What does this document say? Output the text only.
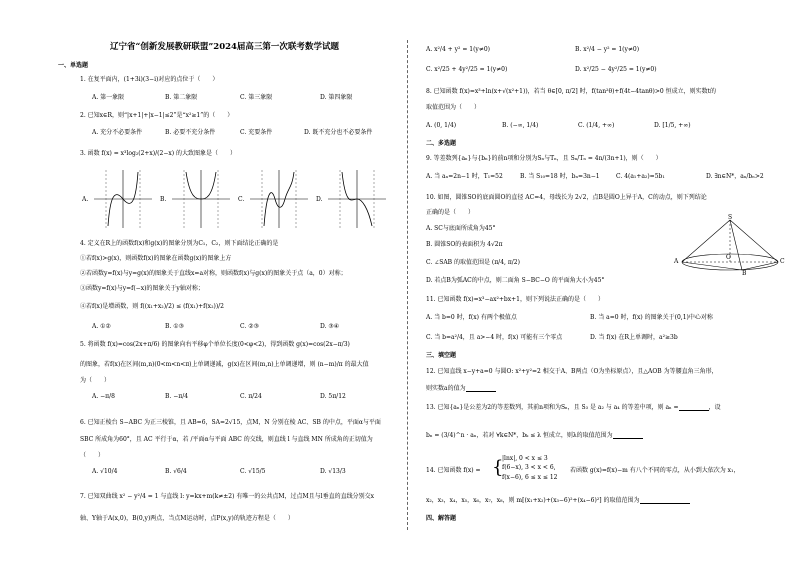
辽宁省“创新发展教研联盟”2024届高三第一次联考数学试题
一、单选题
1. 在复平面内，(1+3i)(3−i)对应的点位于（　　）
A. 第一象限	B. 第二象限	C. 第三象限	D. 第四象限
2. 已知x∈R，则“|x+1|+|x−1|≤2”是“x²≥1”的（　　）
A. 充分不必要条件	B. 必要不充分条件	C. 充要条件	D. 既不充分也不必要条件
3. 函数 f(x) = x³log₂(2+x)/(2−x) 的大致图象是（　　）
A.	B.	C.	D.
4. 定义在R上的函数f(x)和g(x)的图象分别为C₁，C₂，则下面结论正确的是
①若f(x)>g(x)，则函数f(x)的图象在函数g(x)的图象上方
②若函数y=f(x)与y=g(x)的图象关于直线x=a对称，则函数f(x)与g(x)的图象关于点（a，0）对称；
③函数y=f(x)与y=f(−x)的图象关于y轴对称；
④若f(x)是增函数，则 f((x₁+x₂)/2) ≤ (f(x₁)+f(x₂))/2
A. ①②	B. ①③	C. ②③	D. ③④
5. 将函数 f(x)=cos(2x+π/6) 的图象向右平移φ个单位长度(0<φ<2)，得到函数 g(x)=cos(2x−π/3)
的图象，若f(x)在区间(m,n)(0<m<n<π)上单调递减，g(x)在区间(m,n)上单调递增，则 (n−m)/π 的最大值
为（　　）
A. −π/8	B. −π/4	C. π/24	D. 5π/12
6. 已知正棱台 S−ABC 为正三棱锥，且 AB=6，SA=2√15，点M，N 分别在棱 AC、SB 的中点，平面α与平面
SBC 所成角为60°，且 AC 平行于α，若 /平面α与平面 ABC 的交线，则直线 l 与直线 MN 所成角的正切值为
（　　）
A. √10/4	B. √6/4	C. √15/5	D. √13/3
7. 已知双曲线 x² − y²/4 = 1 与直线 l: y=kx+m(k≠±2) 有唯一的公共点M，过点M且与l垂直的直线分别交x
轴、Y轴于A(x,0)，B(0,y)两点，当点M运动时，点P(x,y)的轨迹方程是（　　）
A. x²/4 + y² = 1(y≠0)	B. x²/4 − y² = 1(y≠0)
C. x²/25 + 4y²/25 = 1(y≠0)	D. x²/25 − 4y²/25 = 1(y≠0)
8. 已知函数 f(x)=x³+ln(x+√(x²+1))，若当 θ∈[0, π/2] 时，f(tan²θ)+f(4t−4tanθ)>0 恒成立，则实数t的
取值范围为（　　）
A. (0, 1/4)	B. (−∞, 1/4)	C. (1/4, +∞)	D. [1/5, +∞)
二、多选题
9. 等差数列{aₙ}与{bₙ}的前n项和分别为Sₙ与Tₙ，且 Sₙ/Tₙ = 4n/(3n+1)，则（　　）
A. 当 aₙ=2n−1 时，T₁=52	B. 当 S₁₀=18 时，bₙ=3n−1	C. 4(a₁+a₂)=5b₁	D. ∃n∈N*，aₙ/bₙ>2
10. 如图，圆锥SO的底面圆O的直径 AC=4，母线长为 2√2，点B是圆O上异于A，C的动点，则下列结论
正确的是（　　）
A. SC与底面所成角为45°
B. 圆锥SO的表面积为 4√2π
C. ∠SAB 的取值范围是 (π/4, π/2)
D. 若点B为弧AC的中点，则二面角 S−BC−O 的平面角大小为45°
S
A
O
C
B
11. 已知函数 f(x)=x³−ax²+bx+1，则下列说法正确的是（　　）
A. 当 b=0 时，f(x) 有两个极值点	B. 当 a=0 时，f(x) 的图象关于(0,1)中心对称
C. 当 b=a²/4，且 a>−4 时，f(x) 可能有三个零点	D. 当 f(x) 在R上单调时，a²≥3b
三、填空题
12. 已知直线 x−y+a=0 与圆O: x²+y²=2 相交于A、B两点（O为坐标原点），且△AOB 为等腰直角三角形，
则实数a的值为
13. 已知{aₙ}是公差为2的等差数列，其前n项和为Sₙ，且 S₃ 是 a₂ 与 a₄ 的等差中项，则 aₙ =	，设
bₙ = (3/4)^n · aₙ，若对 ∀k∈N*，bₖ ≤ λ 恒成立，则λ的取值范围为
14. 已知函数 f(x) = {
|lnx|, 0 < x ≤ 3
f(6−x), 3 < x < 6,
f(x−6), 6 ≤ x ≤ 12
若函数 g(x)=f(x)−m 有八个不同的零点，从小到大依次为 x₁，
x₂，x₃，x₄，x₅，x₆，x₇，x₈，则 m[(x₁+x₂)+(x₃−6)²+(x₄−6)²] 的取值范围为
四、解答题
